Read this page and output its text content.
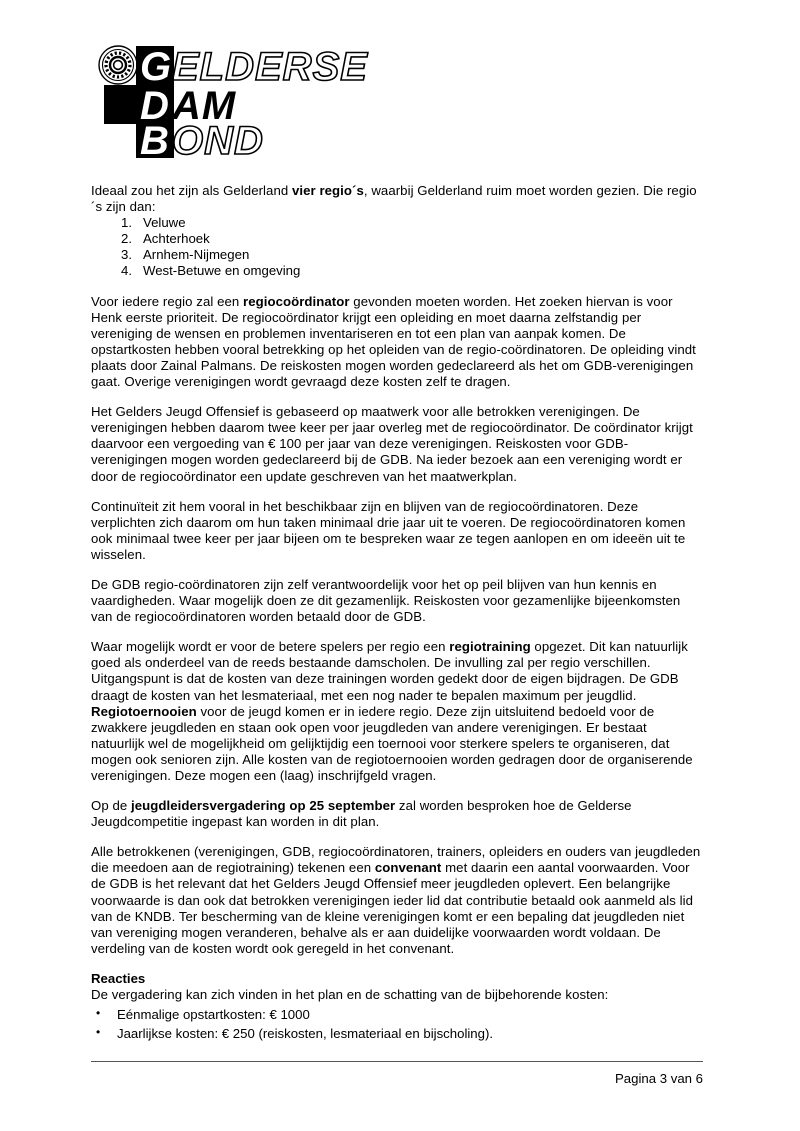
G ELDERSE
D AM
B OND

Ideaal zou het zijn als Gelderland vier regio´s, waarbij Gelderland ruim moet worden gezien. Die regio´s zijn dan:

1. Veluwe
2. Achterhoek
3. Arnhem-Nijmegen
4. West-Betuwe en omgeving

Voor iedere regio zal een regiocoördinator gevonden moeten worden. Het zoeken hiervan is voor Henk eerste prioriteit. De regiocoördinator krijgt een opleiding en moet daarna zelfstandig per vereniging de wensen en problemen inventariseren en tot een plan van aanpak komen. De opstartkosten hebben vooral betrekking op het opleiden van de regio-coördinatoren. De opleiding vindt plaats door Zainal Palmans. De reiskosten mogen worden gedeclareerd als het om GDB-verenigingen gaat. Overige verenigingen wordt gevraagd deze kosten zelf te dragen.

Het Gelders Jeugd Offensief is gebaseerd op maatwerk voor alle betrokken verenigingen. De verenigingen hebben daarom twee keer per jaar overleg met de regiocoördinator. De coördinator krijgt daarvoor een vergoeding van € 100 per jaar van deze verenigingen. Reiskosten voor GDB-verenigingen mogen worden gedeclareerd bij de GDB. Na ieder bezoek aan een vereniging wordt er door de regiocoördinator een update geschreven van het maatwerkplan.

Continuïteit zit hem vooral in het beschikbaar zijn en blijven van de regiocoördinatoren. Deze verplichten zich daarom om hun taken minimaal drie jaar uit te voeren. De regiocoördinatoren komen ook minimaal twee keer per jaar bijeen om te bespreken waar ze tegen aanlopen en om ideeën uit te wisselen.

De GDB regio-coördinatoren zijn zelf verantwoordelijk voor het op peil blijven van hun kennis en vaardigheden. Waar mogelijk doen ze dit gezamenlijk. Reiskosten voor gezamenlijke bijeenkomsten van de regiocoördinatoren worden betaald door de GDB.

Waar mogelijk wordt er voor de betere spelers per regio een regiotraining opgezet. Dit kan natuurlijk goed als onderdeel van de reeds bestaande damscholen. De invulling zal per regio verschillen. Uitgangspunt is dat de kosten van deze trainingen worden gedekt door de eigen bijdragen. De GDB draagt de kosten van het lesmateriaal, met een nog nader te bepalen maximum per jeugdlid. Regiotoernooien voor de jeugd komen er in iedere regio. Deze zijn uitsluitend bedoeld voor de zwakkere jeugdleden en staan ook open voor jeugdleden van andere verenigingen. Er bestaat natuurlijk wel de mogelijkheid om gelijktijdig een toernooi voor sterkere spelers te organiseren, dat mogen ook senioren zijn. Alle kosten van de regiotoernooien worden gedragen door de organiserende verenigingen. Deze mogen een (laag) inschrijfgeld vragen.

Op de jeugdleidersvergadering op 25 september zal worden besproken hoe de Gelderse Jeugdcompetitie ingepast kan worden in dit plan.

Alle betrokkenen (verenigingen, GDB, regiocoördinatoren, trainers, opleiders en ouders van jeugdleden die meedoen aan de regiotraining) tekenen een convenant met daarin een aantal voorwaarden. Voor de GDB is het relevant dat het Gelders Jeugd Offensief meer jeugdleden oplevert. Een belangrijke voorwaarde is dan ook dat betrokken verenigingen ieder lid dat contributie betaald ook aanmeld als lid van de KNDB. Ter bescherming van de kleine verenigingen komt er een bepaling dat jeugdleden niet van vereniging mogen veranderen, behalve als er aan duidelijke voorwaarden wordt voldaan. De verdeling van de kosten wordt ook geregeld in het convenant.

Reacties

De vergadering kan zich vinden in het plan en de schatting van de bijbehorende kosten:

• Eénmalige opstartkosten: € 1000
• Jaarlijkse kosten: € 250 (reiskosten, lesmateriaal en bijscholing).
Pagina 3 van 6
